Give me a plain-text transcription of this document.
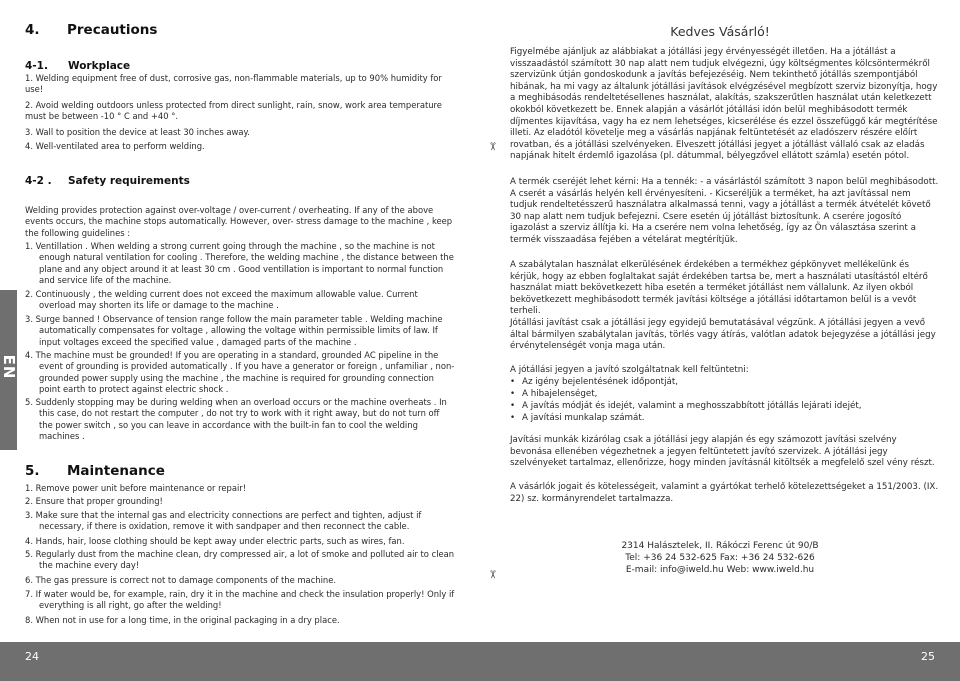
EN
4. Precautions
4-1. Workplace
1. Welding equipment free of dust, corrosive gas, non-flammable materials, up to 90% humidity for use!
2. Avoid welding outdoors unless protected from direct sunlight, rain, snow, work area temperature must be between -10 ° C and +40 °.
3. Wall to position the device at least 30 inches away.
4. Well-ventilated area to perform welding.
4-2 . Safety requirements
Welding provides protection against over-voltage / over-current / overheating. If any of the above events occurs, the machine stops automatically. However, over- stress damage to the machine , keep the following guidelines :
1. Ventillation . When welding a strong current going through the machine , so the machine is not enough natural ventilation for cooling . Therefore, the welding machine , the distance between the plane and any object around it at least 30 cm . Good ventillation is important to normal function and service life of the machine.
2. Continuously , the welding current does not exceed the maximum allowable value. Current overload may shorten its life or damage to the machine .
3. Surge banned ! Observance of tension range follow the main parameter table . Welding machine automatically compensates for voltage , allowing the voltage within permissible limits of law. If input voltages exceed the specified value , damaged parts of the machine .
4. The machine must be grounded! If you are operating in a standard, grounded AC pipeline in the event of grounding is provided automatically . If you have a generator or foreign , unfamiliar , non-grounded power supply using the machine , the machine is required for grounding connection point earth to protect against electric shock .
5. Suddenly stopping may be during welding when an overload occurs or the machine overheats . In this case, do not restart the computer , do not try to work with it right away, but do not turn off the power switch , so you can leave in accordance with the built-in fan to cool the welding machines .
5. Maintenance
1. Remove power unit before maintenance or repair!
2. Ensure that proper grounding!
3. Make sure that the internal gas and electricity connections are perfect and tighten, adjust if necessary, if there is oxidation, remove it with sandpaper and then reconnect the cable.
4. Hands, hair, loose clothing should be kept away under electric parts, such as wires, fan.
5. Regularly dust from the machine clean, dry compressed air, a lot of smoke and polluted air to clean the machine every day!
6. The gas pressure is correct not to damage components of the machine.
7. If water would be, for example, rain, dry it in the machine and check the insulation properly! Only if everything is all right, go after the welding!
8. When not in use for a long time, in the original packaging in a dry place.
24
✂
✂
Kedves Vásárló!
Figyelmébe ajánljuk az alábbiakat a jótállási jegy érvényességét illetően. Ha a jótállást a visszaadástól számított 30 nap alatt nem tudjuk elvégezni, úgy költségmentes kölcsöntermékről szervizünk útján gondoskodunk a javítás befejezéséig. Nem tekinthető jótállás szempontjából hibának, ha mi vagy az általunk jótállási javítások elvégzésével megbízott szerviz bizonyítja, hogy a meghibásodás rendeltetésellenes használat, alakítás, szakszerűtlen használat után keletkezett okokból következett be. Ennek alapján a vásárlót jótállási idón belül meghibásodott termék díjmentes kijavítása, vagy ha ez nem lehetséges, kicserélése és ezzel összefüggő kár megtérítése illeti. Az eladótól követelje meg a vásárlás napjának feltüntetését az eladószerv részére előírt rovatban, és a jótállási szelvényeken. Elveszett jótállási jegyet a jótállást vállaló csak az eladás napjának hitelt érdemlő igazolása (pl. dátummal, bélyegzővel ellátott számla) esetén pótol.
A termék cseréjét lehet kérni: Ha a tennék: - a vásárlástól számított 3 napon belül meghibásodott. A cserét a vásárlás helyén kell érvényesíteni. - Kicseréljük a terméket, ha azt javítással nem tudjuk rendeltetésszerű használatra alkalmassá tenni, vagy a jótállást a termék átvételét követő 30 nap alatt nem tudjuk befejezni. Csere esetén új jótállást biztosítunk. A cserére jogosító igazolást a szerviz állítja ki. Ha a cserére nem volna lehetőség, így az Ön választása szerint a termék visszaadása fejében a vételárat megtérítjük.
A szabálytalan használat elkerülésének érdekében a termékhez gépkönyvet mellékelünk és kérjük, hogy az ebben foglaltakat saját érdekében tartsa be, mert a használati utasítástól eltérő használat miatt bekövetkezett hiba esetén a terméket jótállást nem vállalunk. Az ilyen okból bekövetkezett meghibásodott termék javítási költsége a jótállási időtartamon belül is a vevőt terheli.
Jótállási javítást csak a jótállási jegy egyidejű bemutatásával végzünk. A jótállási jegyen a vevő által bármilyen szabálytalan javítás, törlés vagy átírás, valótlan adatok bejegyzése a jótállási jegy érvénytelenségét vonja maga után.
A jótállási jegyen a javító szolgáltatnak kell feltüntetni:
• Az igény bejelentésének időpontját,
• A hibajelenséget,
• A javítás módját és idejét, valamint a meghosszabbított jótállás lejárati idejét,
• A javítási munkalap számát.
Javítási munkák kizárólag csak a jótállási jegy alapján és egy számozott javítási szelvény bevonása ellenében végezhetnek a jegyen feltüntetett javító szervizek. A jótállási jegy szelvényeket tartalmaz, ellenőrizze, hogy minden javításnál kitöltsék a megfelelő szel vény részt.
A vásárlók jogait és kötelességeit, valamint a gyártókat terhelő kötelezettségeket a 151/2003. (IX. 22) sz. kormányrendelet tartalmazza.
2314 Halásztelek, II. Rákóczi Ferenc út 90/B
Tel: +36 24 532-625 Fax: +36 24 532-626
E-mail: info@iweld.hu Web: www.iweld.hu
25
